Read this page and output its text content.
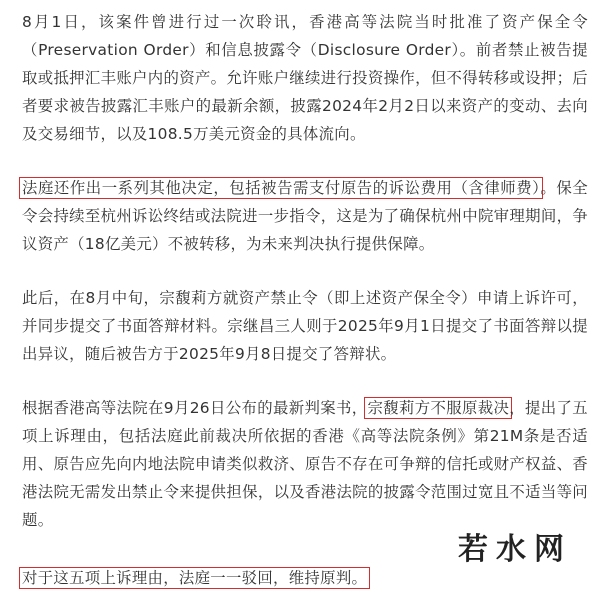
8月1日，该案件曾进行过一次聆讯，香港高等法院当时批准了资产保全令（Preservation Order）和信息披露令（Disclosure Order）。前者禁止被告提取或抵押汇丰账户内的资产。允许账户继续进行投资操作，但不得转移或设押；后者要求被告披露汇丰账户的最新余额，披露2024年2月2日以来资产的变动、去向及交易细节，以及108.5万美元资金的具体流向。

法庭还作出一系列其他决定，包括被告需支付原告的诉讼费用（含律师费）。保全令会持续至杭州诉讼终结或法院进一步指令，这是为了确保杭州中院审理期间，争议资产（18亿美元）不被转移，为未来判决执行提供保障。

此后，在8月中旬，宗馥莉方就资产禁止令（即上述资产保全令）申请上诉许可，并同步提交了书面答辩材料。宗继昌三人则于2025年9月1日提交了书面答辩以提出异议，随后被告方于2025年9月8日提交了答辩状。

根据香港高等法院在9月26日公布的最新判案书，宗馥莉方不服原裁决，提出了五项上诉理由，包括法庭此前裁决所依据的香港《高等法院条例》第21M条是否适用、原告应先向内地法院申请类似救济、原告不存在可争辩的信托或财产权益、香港法院无需发出禁止令来提供担保，以及香港法院的披露令范围过宽且不适当等问题。

对于这五项上诉理由，法庭一一驳回，维持原判。

若水网
